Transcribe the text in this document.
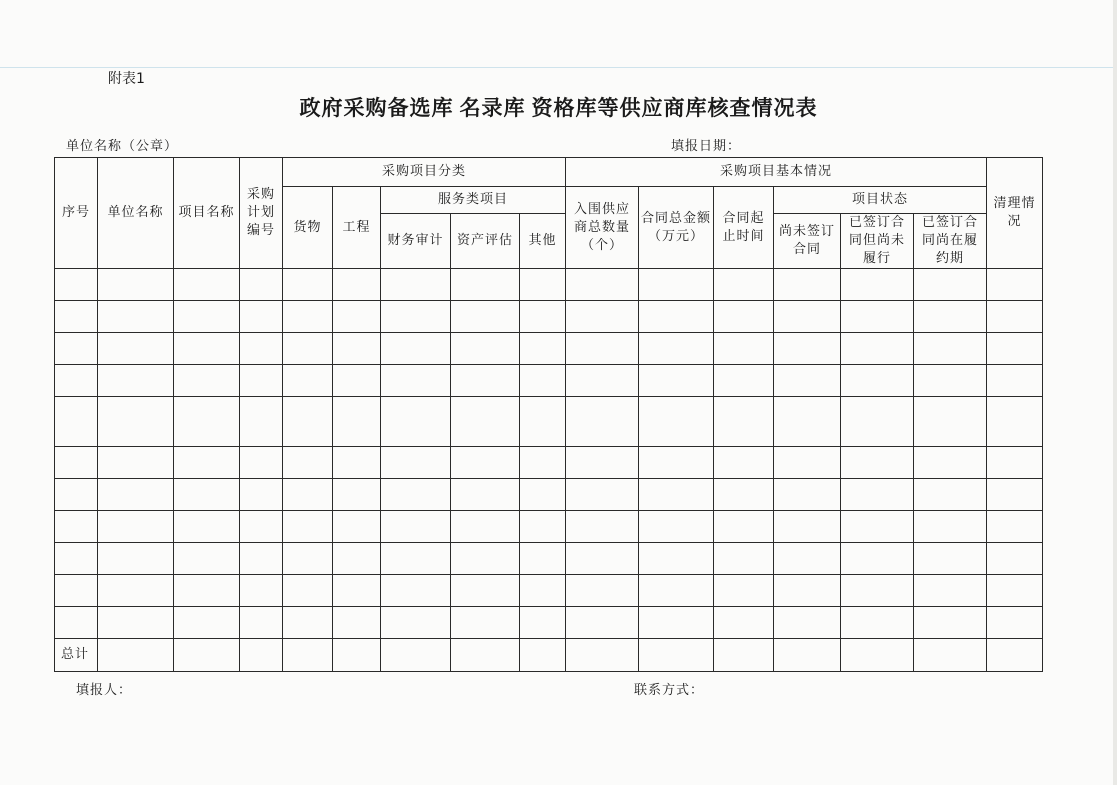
附表1
政府采购备选库 名录库 资格库等供应商库核查情况表
单位名称（公章）	填报日期：
序号	单位名称	项目名称	采购计划编号	采购项目分类					采购项目基本情况						清理情况
				货物	工程	服务类项目			入围供应商总数量（个）	合同总金额（万元）	合同起止时间	项目状态			
						财务审计	资产评估	其他				尚未签订合同	已签订合同但尚未履行	已签订合同尚在履约期	

总计															
填报人：	联系方式：
